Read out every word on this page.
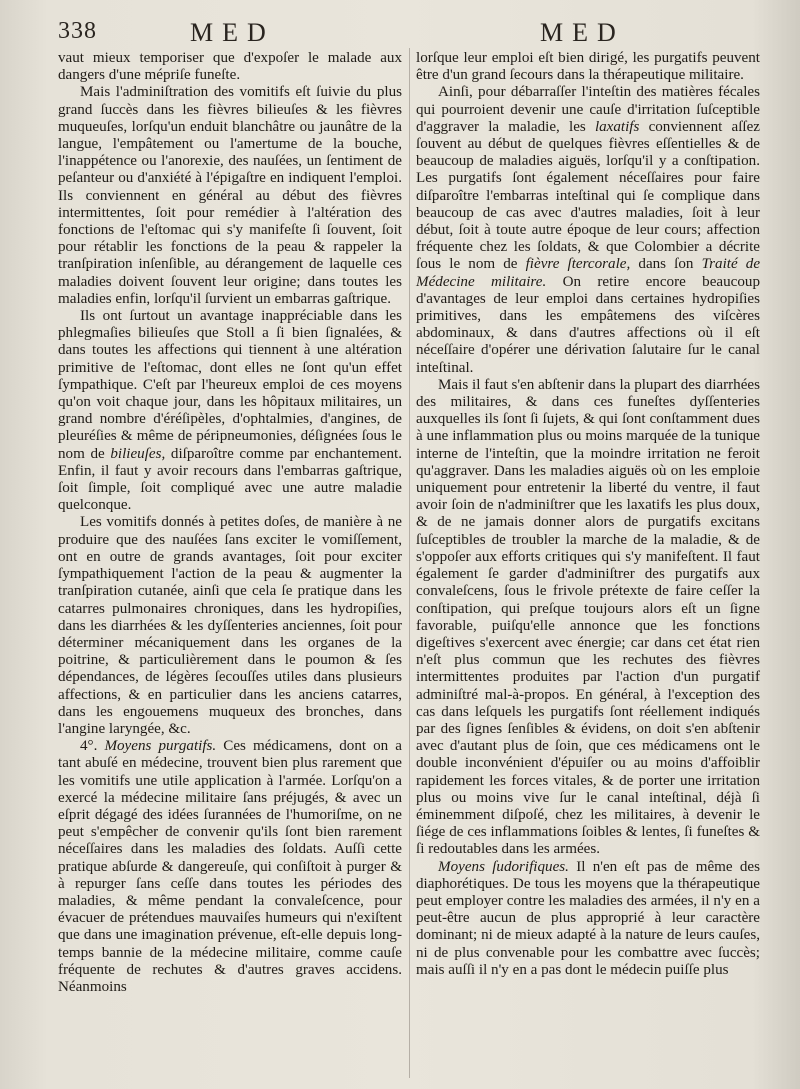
338	MED	MED

vaut mieux temporiser que d'expoſer le malade aux dangers d'une mépriſe funeſte.

Mais l'adminiſtration des vomitifs eſt ſuivie du plus grand ſuccès dans les fièvres bilieuſes & les fièvres muqueuſes, lorſqu'un enduit blanchâtre ou jaunâtre de la langue, l'empâtement ou l'amertume de la bouche, l'inappétence ou l'anorexie, des nauſées, un ſentiment de peſanteur ou d'anxiété à l'épigaſtre en indiquent l'emploi. Ils conviennent en général au début des fièvres intermittentes, ſoit pour remédier à l'altération des fonctions de l'eſtomac qui s'y manifeſte ſi ſouvent, ſoit pour rétablir les fonctions de la peau & rappeler la tranſpiration inſenſible, au dérangement de laquelle ces maladies doivent ſouvent leur origine; dans toutes les maladies enfin, lorſqu'il ſurvient un embarras gaſtrique.

Ils ont ſurtout un avantage inappréciable dans les phlegmaſies bilieuſes que Stoll a ſi bien ſignalées, & dans toutes les affections qui tiennent à une altération primitive de l'eſtomac, dont elles ne ſont qu'un effet ſympathique. C'eſt par l'heureux emploi de ces moyens qu'on voit chaque jour, dans les hôpitaux militaires, un grand nombre d'éréſipèles, d'ophtalmies, d'angines, de pleuréſies & même de péripneumonies, déſignées ſous le nom de bilieuſes, diſparoître comme par enchantement. Enfin, il faut y avoir recours dans l'embarras gaſtrique, ſoit ſimple, ſoit compliqué avec une autre maladie quelconque.

Les vomitifs donnés à petites doſes, de manière à ne produire que des nauſées ſans exciter le vomiſſement, ont en outre de grands avantages, ſoit pour exciter ſympathiquement l'action de la peau & augmenter la tranſpiration cutanée, ainſi que cela ſe pratique dans les catarres pulmonaires chroniques, dans les hydropiſies, dans les diarrhées & les dyſſenteries anciennes, ſoit pour déterminer mécaniquement dans les organes de la poitrine, & particulièrement dans le poumon & ſes dépendances, de légères ſecouſſes utiles dans plusieurs affections, & en particulier dans les anciens catarres, dans les engouemens muqueux des bronches, dans l'angine laryngée, &c.

4°. Moyens purgatifs. Ces médicamens, dont on a tant abuſé en médecine, trouvent bien plus rarement que les vomitifs une utile application à l'armée. Lorſqu'on a exercé la médecine militaire ſans préjugés, & avec un eſprit dégagé des idées ſurannées de l'humoriſme, on ne peut s'empêcher de convenir qu'ils ſont bien rarement néceſſaires dans les maladies des ſoldats. Auſſi cette pratique abſurde & dangereuſe, qui conſiſtoit à purger & à repurger ſans ceſſe dans toutes les périodes des maladies, & même pendant la convaleſcence, pour évacuer de prétendues mauvaiſes humeurs qui n'exiſtent que dans une imagination prévenue, eſt-elle depuis long-temps bannie de la médecine militaire, comme cauſe fréquente de rechutes & d'autres graves accidens. Néanmoins

lorſque leur emploi eſt bien dirigé, les purgatifs peuvent être d'un grand ſecours dans la thérapeutique militaire.

Ainſi, pour débarraſſer l'inteſtin des matières fécales qui pourroient devenir une cauſe d'irritation ſuſceptible d'aggraver la maladie, les laxatifs conviennent aſſez ſouvent au début de quelques fièvres eſſentielles & de beaucoup de maladies aiguës, lorſqu'il y a conſtipation. Les purgatifs ſont également néceſſaires pour faire diſparoître l'embarras inteſtinal qui ſe complique dans beaucoup de cas avec d'autres maladies, ſoit à leur début, ſoit à toute autre époque de leur cours; affection fréquente chez les ſoldats, & que Colombier a décrite ſous le nom de fièvre ſtercorale, dans ſon Traité de Médecine militaire. On retire encore beaucoup d'avantages de leur emploi dans certaines hydropiſies primitives, dans les empâtemens des viſcères abdominaux, & dans d'autres affections où il eſt néceſſaire d'opérer une dérivation ſalutaire ſur le canal inteſtinal.

Mais il faut s'en abſtenir dans la plupart des diarrhées des militaires, & dans ces funeſtes dyſſenteries auxquelles ils ſont ſi ſujets, & qui ſont conſtamment dues à une inflammation plus ou moins marquée de la tunique interne de l'inteſtin, que la moindre irritation ne feroit qu'aggraver. Dans les maladies aiguës où on les emploie uniquement pour entretenir la liberté du ventre, il faut avoir ſoin de n'adminiſtrer que les laxatifs les plus doux, & de ne jamais donner alors de purgatifs excitans ſuſceptibles de troubler la marche de la maladie, & de s'oppoſer aux efforts critiques qui s'y manifeſtent. Il faut également ſe garder d'adminiſtrer des purgatifs aux convaleſcens, ſous le frivole prétexte de faire ceſſer la conſtipation, qui preſque toujours alors eſt un ſigne favorable, puiſqu'elle annonce que les fonctions digeſtives s'exercent avec énergie; car dans cet état rien n'eſt plus commun que les rechutes des fièvres intermittentes produites par l'action d'un purgatif adminiſtré mal-à-propos. En général, à l'exception des cas dans leſquels les purgatifs ſont réellement indiqués par des ſignes ſenſibles & évidens, on doit s'en abſtenir avec d'autant plus de ſoin, que ces médicamens ont le double inconvénient d'épuiſer ou au moins d'affoiblir rapidement les forces vitales, & de porter une irritation plus ou moins vive ſur le canal inteſtinal, déjà ſi éminemment diſpoſé, chez les militaires, à devenir le ſiége de ces inflammations ſoibles & lentes, ſi funeſtes & ſi redoutables dans les armées.

Moyens ſudorifiques. Il n'en eſt pas de même des diaphorétiques. De tous les moyens que la thérapeutique peut employer contre les maladies des armées, il n'y en a peut-être aucun de plus approprié à leur caractère dominant; ni de mieux adapté à la nature de leurs cauſes, ni de plus convenable pour les combattre avec ſuccès; mais auſſi il n'y en a pas dont le médecin puiſſe plus
